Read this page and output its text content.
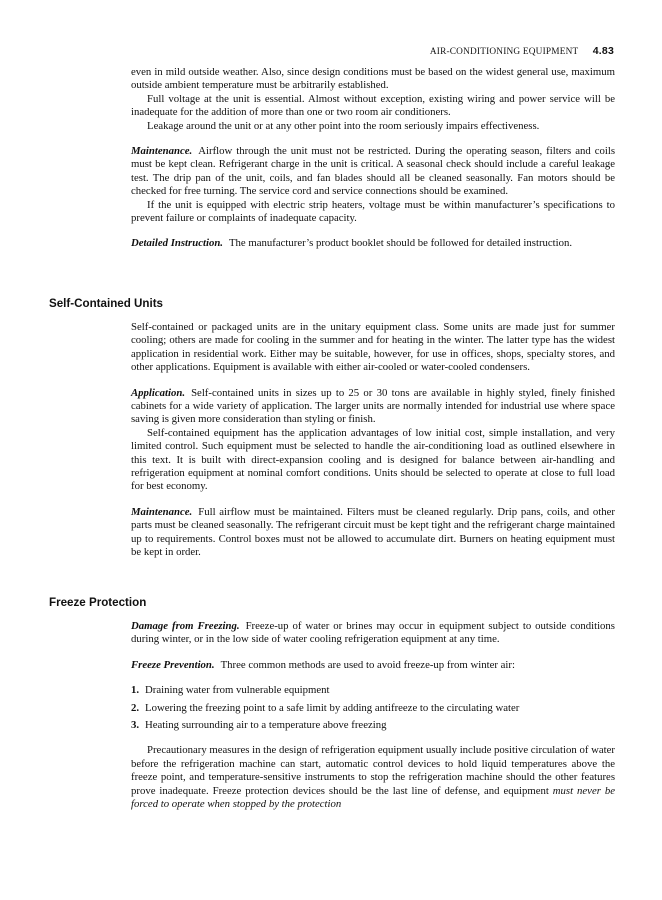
AIR-CONDITIONING EQUIPMENT 4.83

even in mild outside weather. Also, since design conditions must be based on the widest general use, maximum outside ambient temperature must be arbitrarily established.

Full voltage at the unit is essential. Almost without exception, existing wiring and power service will be inadequate for the addition of more than one or two room air conditioners.

Leakage around the unit or at any other point into the room seriously impairs effectiveness.

Maintenance. Airflow through the unit must not be restricted. During the operating season, filters and coils must be kept clean. Refrigerant charge in the unit is critical. A seasonal check should include a careful leakage test. The drip pan of the unit, coils, and fan blades should all be cleaned seasonally. Fan motors should be checked for free turning. The service cord and service connections should be examined.

If the unit is equipped with electric strip heaters, voltage must be within manufacturer’s specifications to prevent failure or complaints of inadequate capacity.

Detailed Instruction. The manufacturer’s product booklet should be followed for detailed instruction.

Self-Contained Units

Self-contained or packaged units are in the unitary equipment class. Some units are made just for summer cooling; others are made for cooling in the summer and for heating in the winter. The latter type has the widest application in residential work. Either may be suitable, however, for use in offices, shops, specialty stores, and other applications. Equipment is available with either air-cooled or water-cooled condensers.

Application. Self-contained units in sizes up to 25 or 30 tons are available in highly styled, finely finished cabinets for a wide variety of application. The larger units are normally intended for industrial use where space saving is given more consideration than styling or finish.

Self-contained equipment has the application advantages of low initial cost, simple installation, and very limited control. Such equipment must be selected to handle the air-conditioning load as outlined elsewhere in this text. It is built with direct-expansion cooling and is designed for balance between air-handling and refrigeration equipment at nominal comfort conditions. Units should be selected to operate at close to full load for best economy.

Maintenance. Full airflow must be maintained. Filters must be cleaned regularly. Drip pans, coils, and other parts must be cleaned seasonally. The refrigerant circuit must be kept tight and the refrigerant charge maintained up to requirements. Control boxes must not be allowed to accumulate dirt. Burners on heating equipment must be kept in order.

Freeze Protection

Damage from Freezing. Freeze-up of water or brines may occur in equipment subject to outside conditions during winter, or in the low side of water cooling refrigeration equipment at any time.

Freeze Prevention. Three common methods are used to avoid freeze-up from winter air:

1. Draining water from vulnerable equipment
2. Lowering the freezing point to a safe limit by adding antifreeze to the circulating water
3. Heating surrounding air to a temperature above freezing

Precautionary measures in the design of refrigeration equipment usually include positive circulation of water before the refrigeration machine can start, automatic control devices to hold liquid temperatures above the freeze point, and temperature-sensitive instruments to stop the refrigeration machine should the other features prove inadequate. Freeze protection devices should be the last line of defense, and equipment must never be forced to operate when stopped by the protection
